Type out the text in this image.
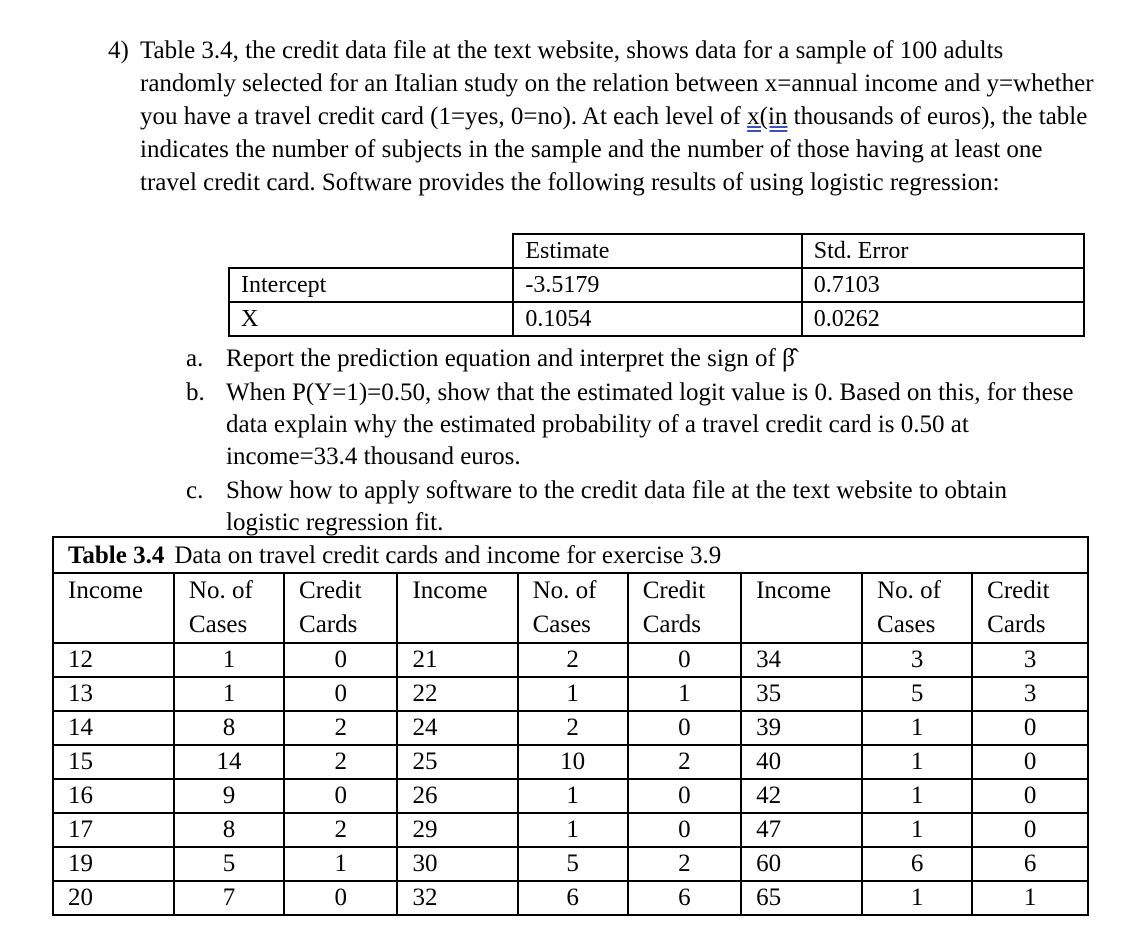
4) Table 3.4, the credit data file at the text website, shows data for a sample of 100 adults randomly selected for an Italian study on the relation between x=annual income and y=whether you have a travel credit card (1=yes, 0=no). At each level of x(in thousands of euros), the table indicates the number of subjects in the sample and the number of those having at least one travel credit card. Software provides the following results of using logistic regression:
	Estimate	Std. Error
Intercept	-3.5179	0.7103
X	0.1054	0.0262
a. Report the prediction equation and interpret the sign of β̂
b. When P(Y=1)=0.50, show that the estimated logit value is 0. Based on this, for these data explain why the estimated probability of a travel credit card is 0.50 at income=33.4 thousand euros.
c. Show how to apply software to the credit data file at the text website to obtain logistic regression fit.
Table 3.4 Data on travel credit cards and income for exercise 3.9
Income	No. of	Credit	Income	No. of	Credit	Income	No. of	Credit
	Cases	Cards		Cases	Cards		Cases	Cards
12	1	0	21	2	0	34	3	3
13	1	0	22	1	1	35	5	3
14	8	2	24	2	0	39	1	0
15	14	2	25	10	2	40	1	0
16	9	0	26	1	0	42	1	0
17	8	2	29	1	0	47	1	0
19	5	1	30	5	2	60	6	6
20	7	0	32	6	6	65	1	1
